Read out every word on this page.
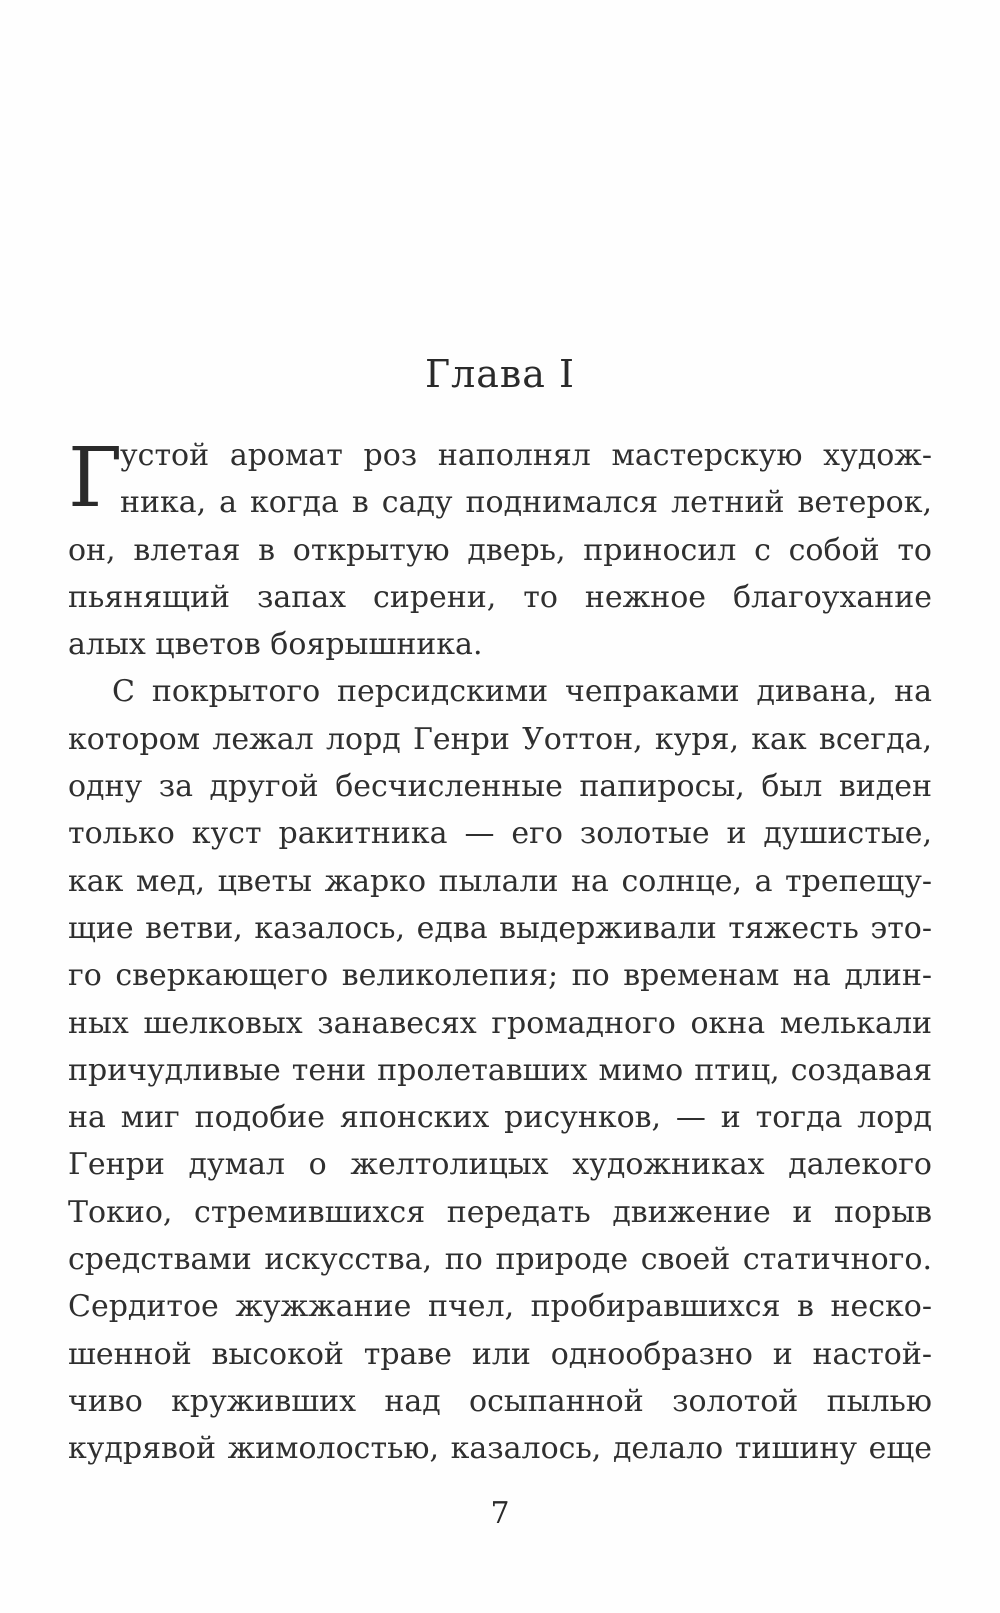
Глава I
Г
устой аромат роз наполнял мастерскую худож-
ника, а когда в саду поднимался летний ветерок,
он, влетая в открытую дверь, приносил с собой то
пьянящий запах сирени, то нежное благоухание
алых цветов боярышника.
С покрытого персидскими чепраками дивана, на
котором лежал лорд Генри Уоттон, куря, как всегда,
одну за другой бесчисленные папиросы, был виден
только куст ракитника — его золотые и душистые,
как мед, цветы жарко пылали на солнце, а трепещу-
щие ветви, казалось, едва выдерживали тяжесть это-
го сверкающего великолепия; по временам на длин-
ных шелковых занавесях громадного окна мелькали
причудливые тени пролетавших мимо птиц, создавая
на миг подобие японских рисунков, — и тогда лорд
Генри думал о желтолицых художниках далекого
Токио, стремившихся передать движение и порыв
средствами искусства, по природе своей статичного.
Сердитое жужжание пчел, пробиравшихся в неско-
шенной высокой траве или однообразно и настой-
чиво круживших над осыпанной золотой пылью
кудрявой жимолостью, казалось, делало тишину еще
7
